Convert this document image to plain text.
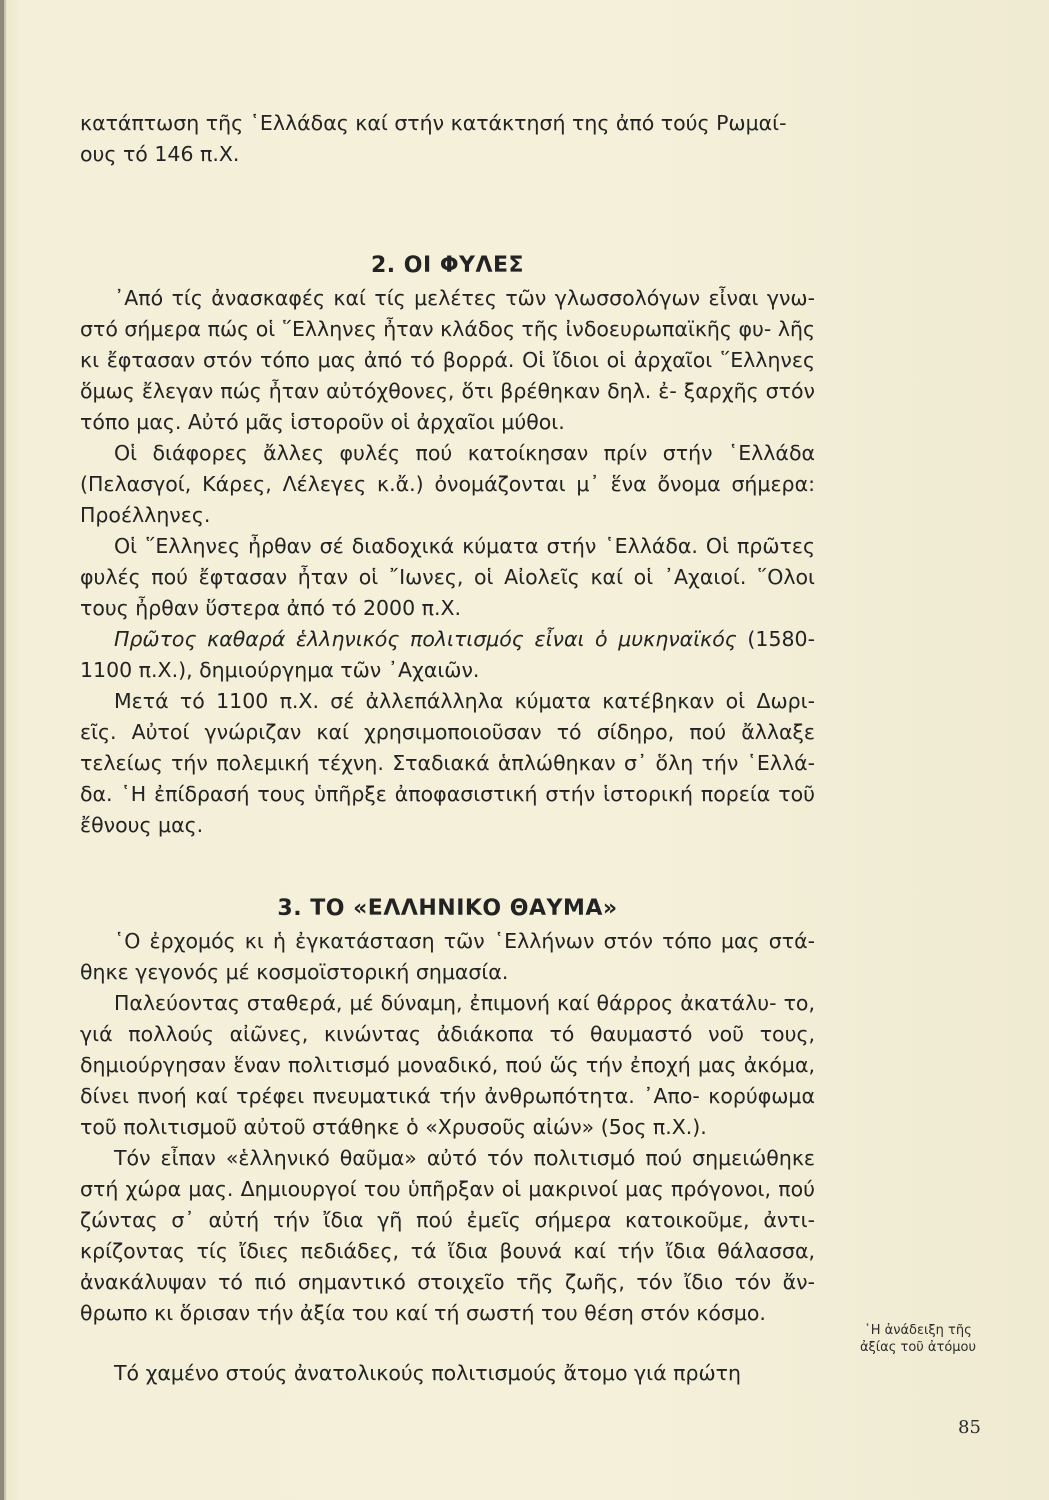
κατάπτωση τῆς ῾Ελλάδας καί στήν κατάκτησή της ἀπό τούς Ρωμαί-
ους τό 146 π.Χ.

2. ΟΙ ΦΥΛΕΣ

᾿Από τίς ἀνασκαφές καί τίς μελέτες τῶν γλωσσολόγων εἶναι γνω- στό σήμερα πώς οἱ ῞Ελληνες ἦταν κλάδος τῆς ἰνδοευρωπαϊκῆς φυ- λῆς κι ἔφτασαν στόν τόπο μας ἀπό τό βορρά. Οἱ ἴδιοι οἱ ἀρχαῖοι ῞Ελληνες ὅμως ἔλεγαν πώς ἦταν αὐτόχθονες, ὅτι βρέθηκαν δηλ. ἐ- ξαρχῆς στόν τόπο μας. Αὐτό μᾶς ἱστοροῦν οἱ ἀρχαῖοι μύθοι.

Οἱ διάφορες ἄλλες φυλές πού κατοίκησαν πρίν στήν ῾Ελλάδα (Πελασγοί, Κάρες, Λέλεγες κ.ἄ.) ὀνομάζονται μ᾿ ἕνα ὄνομα σήμερα: Προέλληνες.

Οἱ ῞Ελληνες ἦρθαν σέ διαδοχικά κύματα στήν ῾Ελλάδα. Οἱ πρῶτες φυλές πού ἔφτασαν ἦταν οἱ ῎Ιωνες, οἱ Αἰολεῖς καί οἱ ᾿Αχαιοί. ῞Ολοι τους ἦρθαν ὕστερα ἀπό τό 2000 π.Χ.

Πρῶτος καθαρά ἑλληνικός πολιτισμός εἶναι ὁ μυκηναϊκός (1580-1100 π.Χ.), δημιούργημα τῶν ᾿Αχαιῶν.

Μετά τό 1100 π.Χ. σέ ἀλλεπάλληλα κύματα κατέβηκαν οἱ Δωρι- εῖς. Αὐτοί γνώριζαν καί χρησιμοποιοῦσαν τό σίδηρο, πού ἄλλαξε τελείως τήν πολεμική τέχνη. Σταδιακά ἁπλώθηκαν σ᾿ ὅλη τήν ῾Ελλά- δα. ῾Η ἐπίδρασή τους ὑπῆρξε ἀποφασιστική στήν ἱστορική πορεία τοῦ ἔθνους μας.

3. ΤΟ «ΕΛΛΗΝΙΚΟ ΘΑΥΜΑ»

῾Ο ἐρχομός κι ἡ ἐγκατάσταση τῶν ῾Ελλήνων στόν τόπο μας στά- θηκε γεγονός μέ κοσμοϊστορική σημασία.

Παλεύοντας σταθερά, μέ δύναμη, ἐπιμονή καί θάρρος ἀκατάλυ- το, γιά πολλούς αἰῶνες, κινώντας ἀδιάκοπα τό θαυμαστό νοῦ τους, δημιούργησαν ἕναν πολιτισμό μοναδικό, πού ὥς τήν ἐποχή μας ἀκόμα, δίνει πνοή καί τρέφει πνευματικά τήν ἀνθρωπότητα. ᾿Απο- κορύφωμα τοῦ πολιτισμοῦ αὐτοῦ στάθηκε ὁ «Χρυσοῦς αἰών» (5ος π.Χ.).

Τόν εἶπαν «ἑλληνικό θαῦμα» αὐτό τόν πολιτισμό πού σημειώθηκε στή χώρα μας. Δημιουργοί του ὑπῆρξαν οἱ μακρινοί μας πρόγονοι, πού ζώντας σ᾿ αὐτή τήν ἴδια γῆ πού ἐμεῖς σήμερα κατοικοῦμε, ἀντι- κρίζοντας τίς ἴδιες πεδιάδες, τά ἴδια βουνά καί τήν ἴδια θάλασσα, ἀνακάλυψαν τό πιό σημαντικό στοιχεῖο τῆς ζωῆς, τόν ἴδιο τόν ἄν- θρωπο κι ὅρισαν τήν ἀξία του καί τή σωστή του θέση στόν κόσμο.

Τό χαμένο στούς ἀνατολικούς πολιτισμούς ἄτομο γιά πρώτη

῾Η ἀνάδειξη τῆς
ἀξίας τοῦ ἀτόμου
85
